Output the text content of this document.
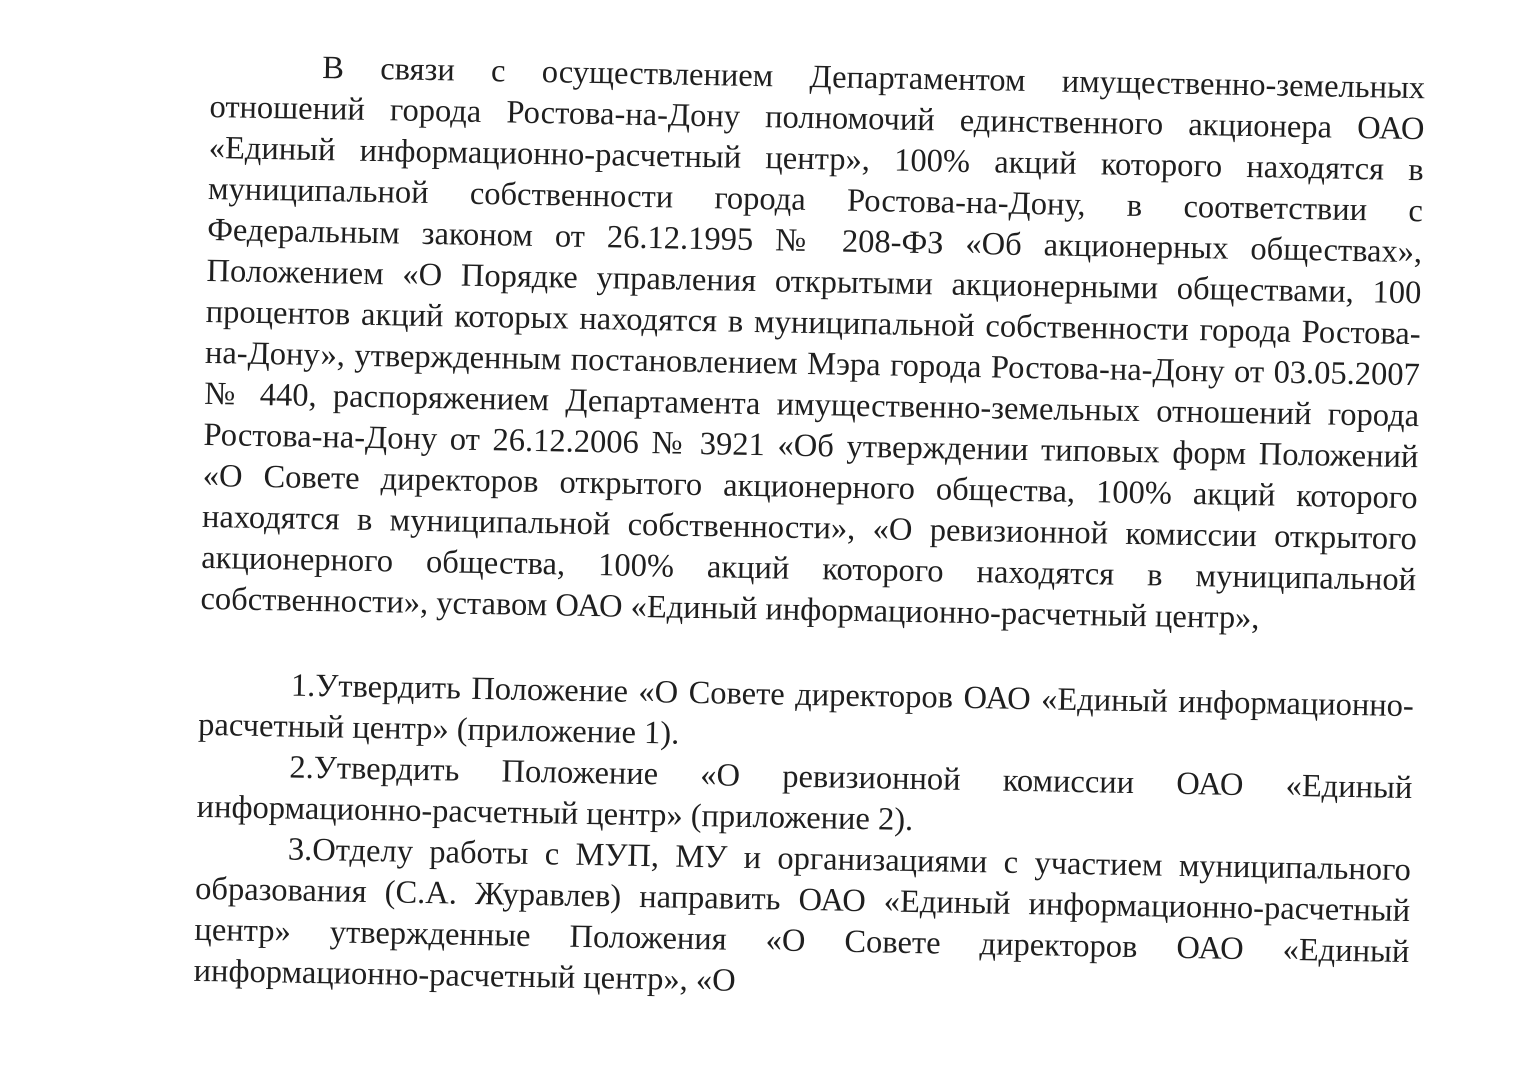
В связи с осуществлением Департаментом имущественно-земельных отношений города Ростова-на-Дону полномочий единственного акционера ОАО «Единый информационно-расчетный центр», 100% акций которого находятся в муниципальной собственности города Ростова-на-Дону, в соответствии с Федеральным законом от 26.12.1995 № 208-ФЗ «Об акционерных обществах», Положением «О Порядке управления открытыми акционерными обществами, 100 процентов акций которых находятся в муниципальной собственности города Ростова-на-Дону», утвержденным постановлением Мэра города Ростова-на-Дону от 03.05.2007 № 440, распоряжением Департамента имущественно-земельных отношений города Ростова-на-Дону от 26.12.2006 № 3921 «Об утверждении типовых форм Положений «О Совете директоров открытого акционерного общества, 100% акций которого находятся в муниципальной собственности», «О ревизионной комиссии открытого акционерного общества, 100% акций которого находятся в муниципальной собственности», уставом ОАО «Единый информационно-расчетный центр»,

1.Утвердить Положение «О Совете директоров ОАО «Единый информационно-расчетный центр» (приложение 1).

2.Утвердить Положение «О ревизионной комиссии ОАО «Единый информационно-расчетный центр» (приложение 2).

3.Отделу работы с МУП, МУ и организациями с участием муниципального образования (С.А. Журавлев) направить ОАО «Единый информационно-расчетный центр» утвержденные Положения «О Совете директоров ОАО «Единый информационно-расчетный центр», «О
